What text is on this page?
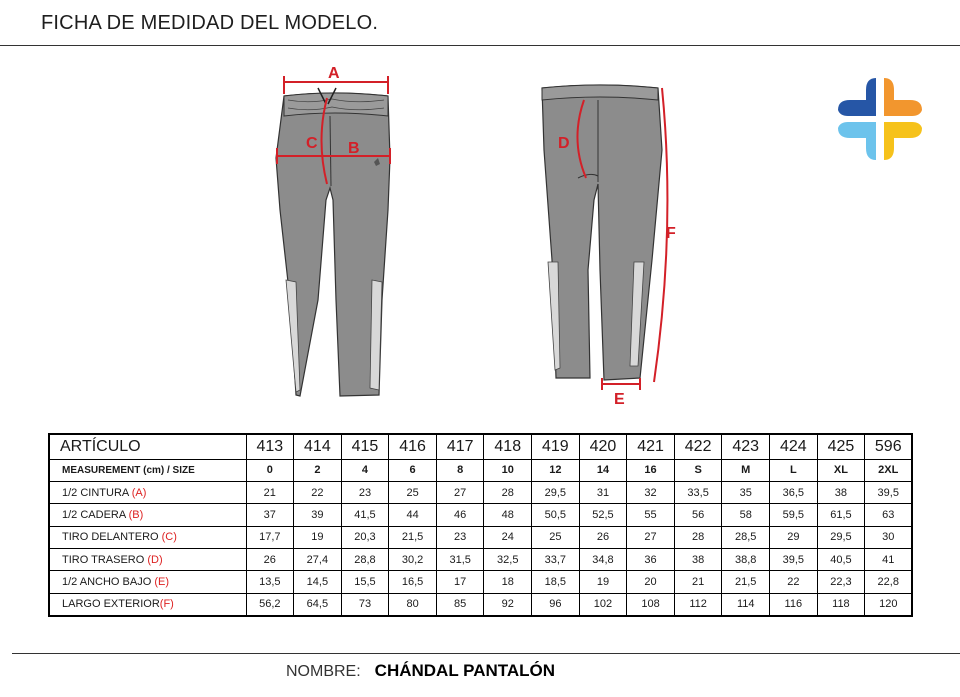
FICHA DE MEDIDAD DEL MODELO.
A
B
C	D
F
E
ARTÍCULO	413	414	415	416	417	418	419	420	421	422	423	424	425	596
MEASUREMENT (cm) / SIZE	0	2	4	6	8	10	12	14	16	S	M	L	XL	2XL
1/2 CINTURA (A)	21	22	23	25	27	28	29,5	31	32	33,5	35	36,5	38	39,5
1/2 CADERA (B)	37	39	41,5	44	46	48	50,5	52,5	55	56	58	59,5	61,5	63
TIRO DELANTERO (C)	17,7	19	20,3	21,5	23	24	25	26	27	28	28,5	29	29,5	30
TIRO TRASERO (D)	26	27,4	28,8	30,2	31,5	32,5	33,7	34,8	36	38	38,8	39,5	40,5	41
1/2 ANCHO BAJO (E)	13,5	14,5	15,5	16,5	17	18	18,5	19	20	21	21,5	22	22,3	22,8
LARGO EXTERIOR(F)	56,2	64,5	73	80	85	92	96	102	108	112	114	116	118	120
NOMBRE: CHÁNDAL PANTALÓN
